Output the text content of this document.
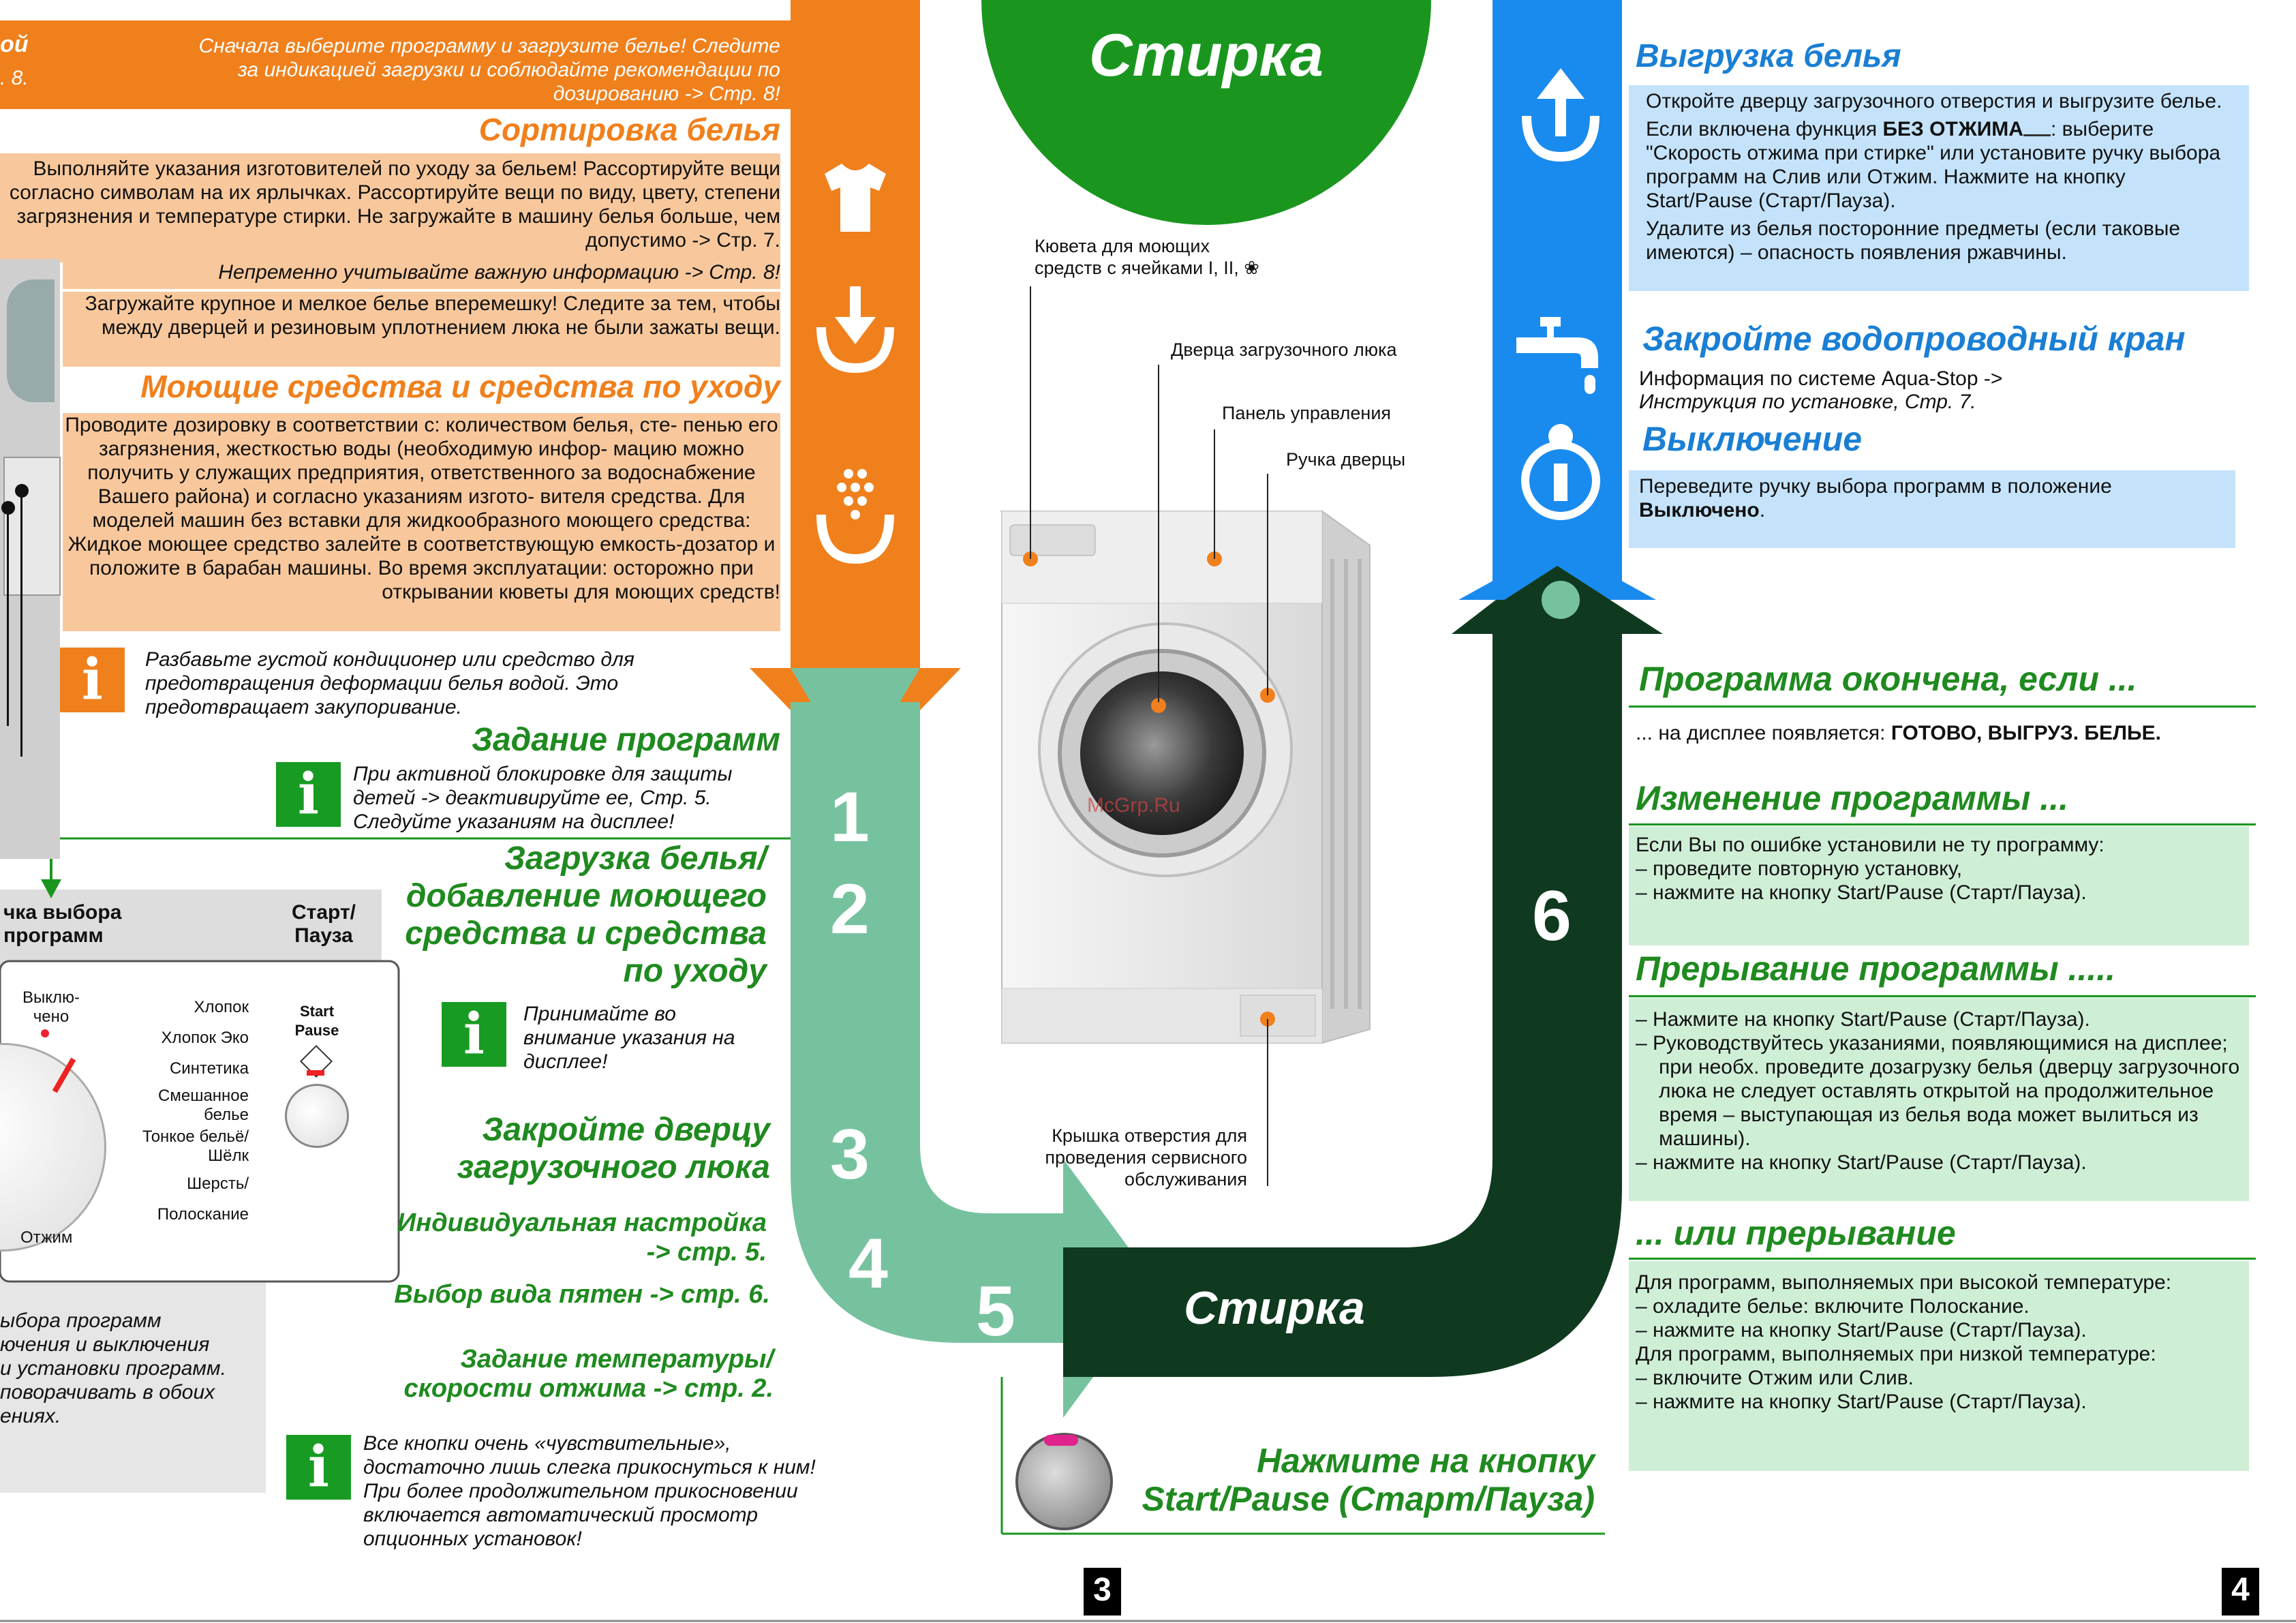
McGrp.Ru
ой
. 8.
Сначала выберите программу и загрузите белье! Следите за индикацией загрузки и соблюдайте рекомендации по дозированию -> Стр. 8!
Сортировка белья
Выполняйте указания изготовителей по уходу за бельем! Рассортируйте вещи согласно символам на их ярлычках. Рассортируйте вещи по виду, цвету, степени загрязнения и температуре стирки. Не загружайте в машину белья больше, чем допустимо -> Стр. 7.
Непременно учитывайте важную информацию -> Стр. 8!
Загружайте крупное и мелкое белье вперемешку! Следите за тем, чтобы между дверцей и резиновым уплотнением люка не были зажаты вещи.
Моющие средства и средства по уходу
Проводите дозировку в соответствии с: количеством белья, сте- пенью его загрязнения, жесткостью воды (необходимую инфор- мацию можно получить у служащих предприятия, ответственного за водоснабжение Вашего района) и согласно указаниям изгото- вителя средства. Для моделей машин без вставки для жидкообразного моющего средства: Жидкое моющее средство залейте в соответствующую емкость-дозатор и положите в барабан машины. Во время эксплуатации: осторожно при открывании кюветы для моющих средств!
i	Разбавьте густой кондиционер или средство для предотвращения деформации белья водой. Это предотвращает закупоривание.
Задание программ
i	При активной блокировке для защиты детей -> деактивируйте ее, Стр. 5. Следуйте указаниям на дисплее!
чка выбора
программ
Старт/
Пауза
Выклю-
чено
Отжим
Хлопок
Хлопок Эко
Синтетика
Смешанное
белье
Тонкое бельё/
Шёлк
Шерсть/
Полоскание
Start
Pause
ыбора программ
ючения и выключения
и установки программ.
поворачивать в обоих
ениях.
Загрузка белья/ добавление моющего средства и средства по уходу
i	Принимайте во внимание указания на дисплее!
Закройте дверцу загрузочного люка
Индивидуальная настройка -> стр. 5.
Выбор вида пятен -> стр. 6.
Задание температуры/ скорости отжима -> стр. 2.
i	Все кнопки очень «чувствительные», достаточно лишь слегка прикоснуться к ним! При более продолжительном прикосновении включается автоматический просмотр опционных установок!
Стирка
Стирка
1
2
3
4
5
6
Кювета для моющих средств с ячейками I, II, ❀
Дверца загрузочного люка
Панель управления
Ручка дверцы
Крышка отверстия для проведения сервисного обслуживания
Нажмите на кнопку Start/Pause (Старт/Пауза)
3	4
Выгрузка белья
Откройте дверцу загрузочного отверстия и выгрузите белье.
Если включена функция БЕЗ ОТЖИМА : выберите "Скорость отжима при стирке" или установите ручку выбора программ на Слив или Отжим. Нажмите на кнопку Start/Pause (Старт/Пауза).
Удалите из белья посторонние предметы (если таковые имеются) – опасность появления ржавчины.
Закройте водопроводный кран
Информация по системе Aqua-Stop ->
Инструкция по установке, Стр. 7.
Выключение
Переведите ручку выбора программ в положение Выключено.
Программа окончена, если ...
... на дисплее появляется: ГОТОВО, ВЫГРУЗ. БЕЛЬЕ.
Изменение программы ...
Если Вы по ошибке установили не ту программу:
– проведите повторную установку,
– нажмите на кнопку Start/Pause (Старт/Пауза).
Прерывание программы .....
– Нажмите на кнопку Start/Pause (Старт/Пауза).
– Руководствуйтесь указаниями, появляющимися на дисплее; при необх. проведите дозагрузку белья (дверцу загрузочного люка не следует оставлять открытой на продолжительное время – выступающая из белья вода может вылиться из машины).
– нажмите на кнопку Start/Pause (Старт/Пауза).
... или прерывание
Для программ, выполняемых при высокой температуре:
– охладите белье: включите Полоскание.
– нажмите на кнопку Start/Pause (Старт/Пауза).
Для программ, выполняемых при низкой температуре:
– включите Отжим или Слив.
– нажмите на кнопку Start/Pause (Старт/Пауза).
